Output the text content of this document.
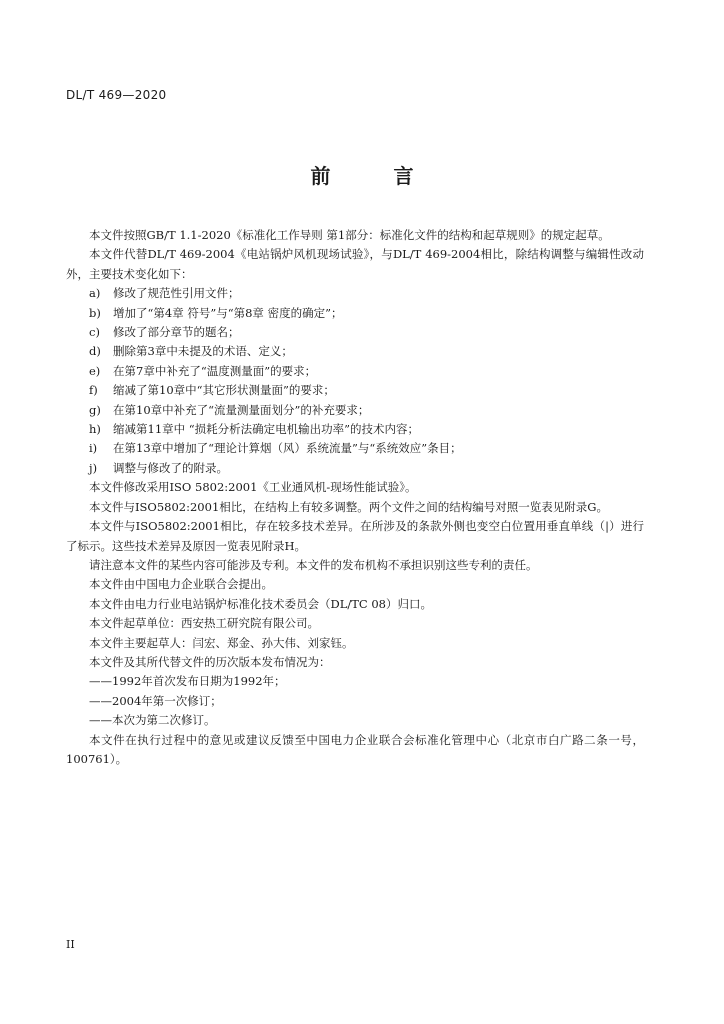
DL/T 469—2020
前 言

本文件按照GB/T 1.1-2020《标准化工作导则 第1部分：标准化文件的结构和起草规则》的规定起草。

本文件代替DL/T 469-2004《电站锅炉风机现场试验》，与DL/T 469-2004相比，除结构调整与编辑性改动外，主要技术变化如下：

a)	修改了规范性引用文件；
b)	增加了“第4章 符号”与“第8章 密度的确定”；
c)	修改了部分章节的题名；
d)	删除第3章中未提及的术语、定义；
e)	在第7章中补充了“温度测量面”的要求；
f)	缩减了第10章中“其它形状测量面”的要求；
g)	在第10章中补充了“流量测量面划分”的补充要求；
h)	缩减第11章中 “损耗分析法确定电机输出功率”的技术内容；
i)	在第13章中增加了“理论计算烟（风）系统流量”与“系统效应”条目；
j)	调整与修改了的附录。

本文件修改采用ISO 5802:2001《工业通风机-现场性能试验》。

本文件与ISO5802:2001相比，在结构上有较多调整。两个文件之间的结构编号对照一览表见附录G。

本文件与ISO5802:2001相比，存在较多技术差异。在所涉及的条款外侧也变空白位置用垂直单线（|）进行了标示。这些技术差异及原因一览表见附录H。

请注意本文件的某些内容可能涉及专利。本文件的发布机构不承担识别这些专利的责任。

本文件由中国电力企业联合会提出。

本文件由电力行业电站锅炉标准化技术委员会（DL/TC 08）归口。

本文件起草单位：西安热工研究院有限公司。

本文件主要起草人：闫宏、郑金、孙大伟、刘家钰。

本文件及其所代替文件的历次版本发布情况为：

——1992年首次发布日期为1992年；

——2004年第一次修订；

——本次为第二次修订。

本文件在执行过程中的意见或建议反馈至中国电力企业联合会标准化管理中心（北京市白广路二条一号，100761）。

II
